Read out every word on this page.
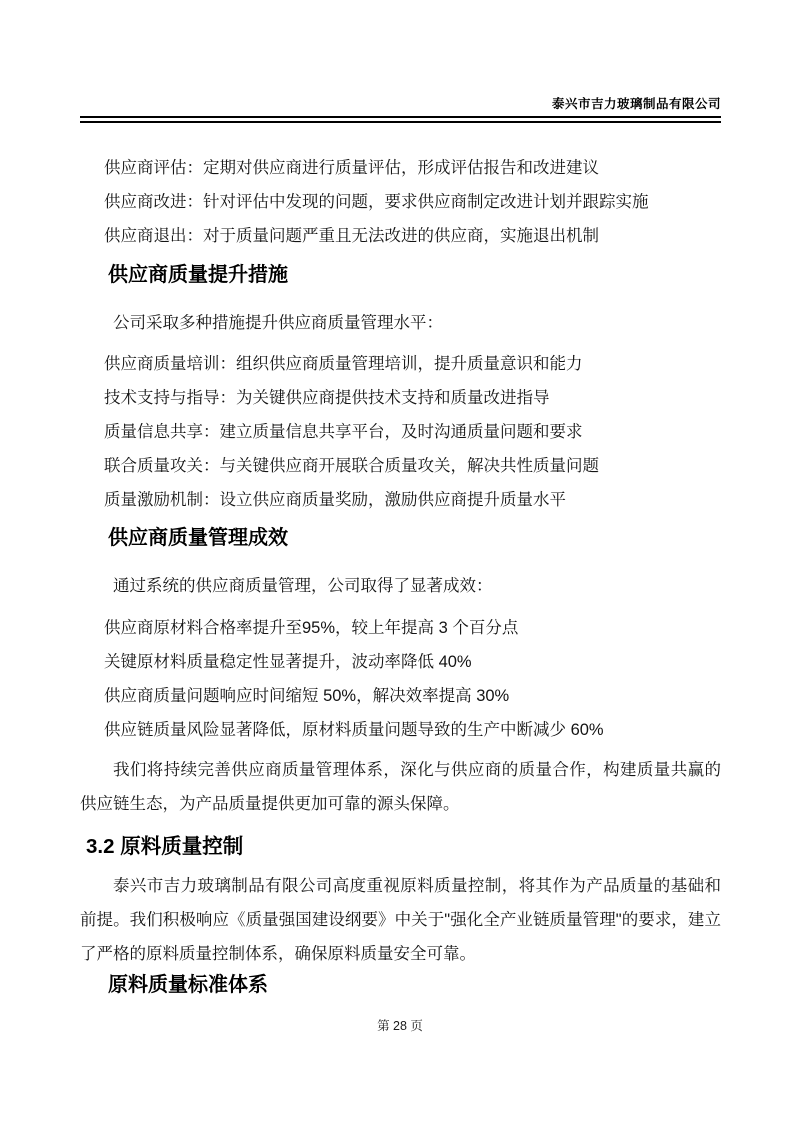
泰兴市吉力玻璃制品有限公司

供应商评估：定期对供应商进行质量评估，形成评估报告和改进建议

供应商改进：针对评估中发现的问题，要求供应商制定改进计划并跟踪实施

供应商退出：对于质量问题严重且无法改进的供应商，实施退出机制

供应商质量提升措施

公司采取多种措施提升供应商质量管理水平：

供应商质量培训：组织供应商质量管理培训，提升质量意识和能力

技术支持与指导：为关键供应商提供技术支持和质量改进指导

质量信息共享：建立质量信息共享平台，及时沟通质量问题和要求

联合质量攻关：与关键供应商开展联合质量攻关，解决共性质量问题

质量激励机制：设立供应商质量奖励，激励供应商提升质量水平

供应商质量管理成效

通过系统的供应商质量管理，公司取得了显著成效：

供应商原材料合格率提升至95%，较上年提高 3 个百分点

关键原材料质量稳定性显著提升，波动率降低 40%

供应商质量问题响应时间缩短 50%，解决效率提高 30%

供应链质量风险显著降低，原材料质量问题导致的生产中断减少 60%

我们将持续完善供应商质量管理体系，深化与供应商的质量合作，构建质量共赢的供应链生态，为产品质量提供更加可靠的源头保障。

3.2 原料质量控制

泰兴市吉力玻璃制品有限公司高度重视原料质量控制，将其作为产品质量的基础和前提。我们积极响应《质量强国建设纲要》中关于"强化全产业链质量管理"的要求，建立了严格的原料质量控制体系，确保原料质量安全可靠。

原料质量标准体系
第 28 页
